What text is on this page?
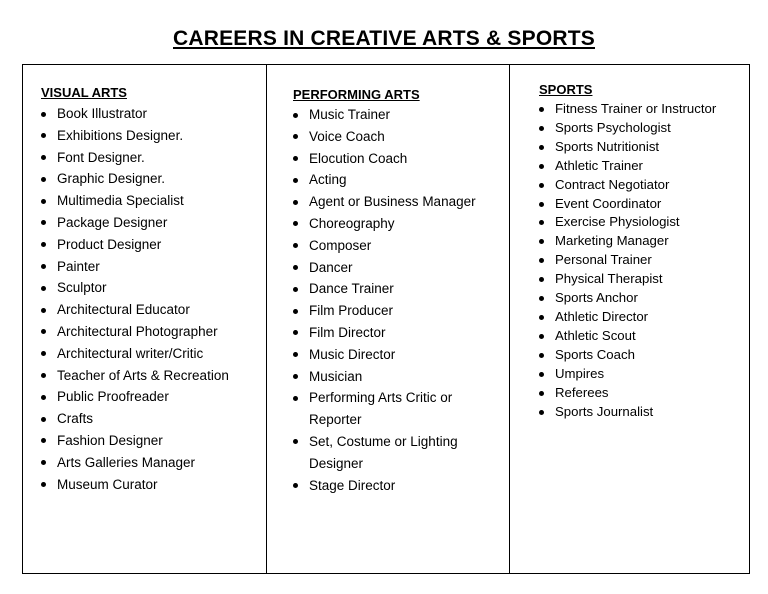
CAREERS IN CREATIVE ARTS & SPORTS
VISUAL ARTS
Book Illustrator
Exhibitions Designer.
Font Designer.
Graphic Designer.
Multimedia Specialist
Package Designer
Product Designer
Painter
Sculptor
Architectural Educator
Architectural Photographer
Architectural writer/Critic
Teacher of Arts & Recreation
Public Proofreader
Crafts
Fashion Designer
Arts Galleries Manager
Museum Curator
PERFORMING ARTS
Music Trainer
Voice Coach
Elocution Coach
Acting
Agent or Business Manager
Choreography
Composer
Dancer
Dance Trainer
Film Producer
Film Director
Music Director
Musician
Performing Arts Critic or Reporter
Set, Costume or Lighting Designer
Stage Director
SPORTS
Fitness Trainer or Instructor
Sports Psychologist
Sports Nutritionist
Athletic Trainer
Contract Negotiator
Event Coordinator
Exercise Physiologist
Marketing Manager
Personal Trainer
Physical Therapist
Sports Anchor
Athletic Director
Athletic Scout
Sports Coach
Umpires
Referees
Sports Journalist
